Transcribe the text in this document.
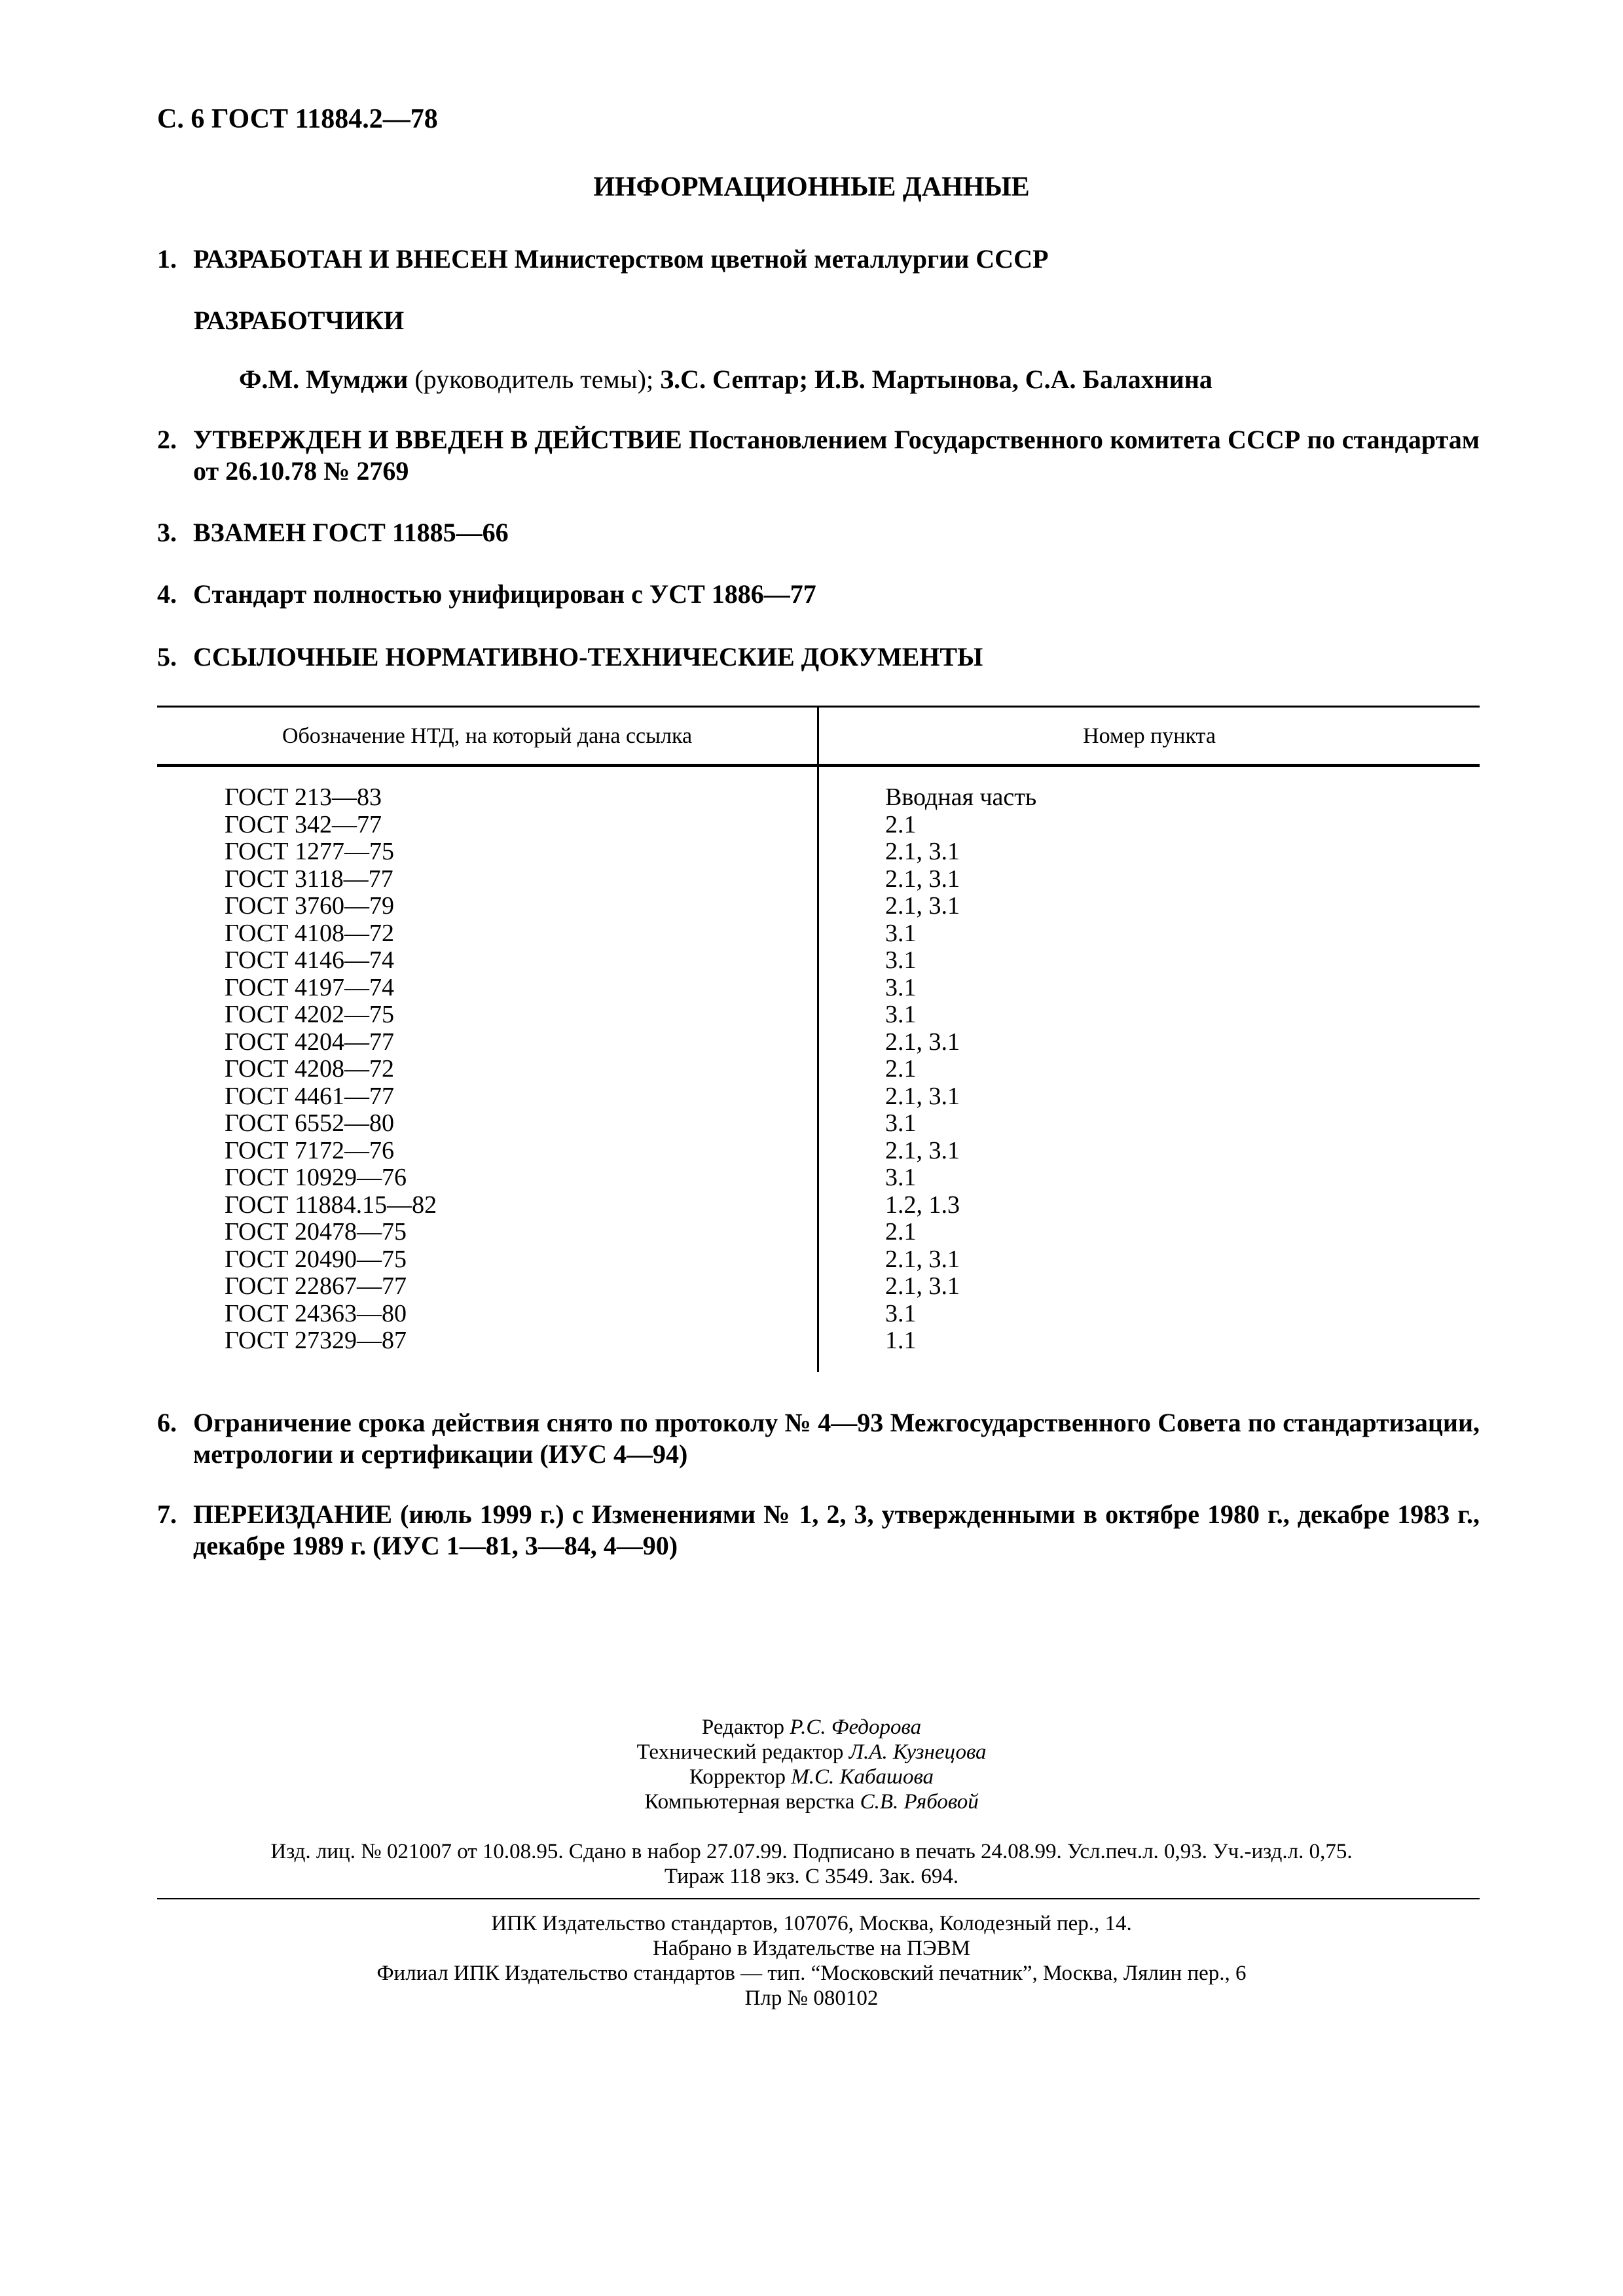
С. 6 ГОСТ 11884.2—78
ИНФОРМАЦИОННЫЕ ДАННЫЕ
1. РАЗРАБОТАН И ВНЕСЕН Министерством цветной металлургии СССР
РАЗРАБОТЧИКИ
Ф.М. Мумджи (руководитель темы); З.С. Септар; И.В. Мартынова, С.А. Балахнина
2. УТВЕРЖДЕН И ВВЕДЕН В ДЕЙСТВИЕ Постановлением Государственного комитета СССР по стандартам от 26.10.78 № 2769
3. ВЗАМЕН ГОСТ 11885—66
4. Стандарт полностью унифицирован с УСТ 1886—77
5. ССЫЛОЧНЫЕ НОРМАТИВНО-ТЕХНИЧЕСКИЕ ДОКУМЕНТЫ
Обозначение НТД, на который дана ссылка	Номер пункта
ГОСТ 213—83	Вводная часть
ГОСТ 342—77	2.1
ГОСТ 1277—75	2.1, 3.1
ГОСТ 3118—77	2.1, 3.1
ГОСТ 3760—79	2.1, 3.1
ГОСТ 4108—72	3.1
ГОСТ 4146—74	3.1
ГОСТ 4197—74	3.1
ГОСТ 4202—75	3.1
ГОСТ 4204—77	2.1, 3.1
ГОСТ 4208—72	2.1
ГОСТ 4461—77	2.1, 3.1
ГОСТ 6552—80	3.1
ГОСТ 7172—76	2.1, 3.1
ГОСТ 10929—76	3.1
ГОСТ 11884.15—82	1.2, 1.3
ГОСТ 20478—75	2.1
ГОСТ 20490—75	2.1, 3.1
ГОСТ 22867—77	2.1, 3.1
ГОСТ 24363—80	3.1
ГОСТ 27329—87	1.1
6. Ограничение срока действия снято по протоколу № 4—93 Межгосударственного Совета по стандартизации, метрологии и сертификации (ИУС 4—94)
7. ПЕРЕИЗДАНИЕ (июль 1999 г.) с Изменениями № 1, 2, 3, утвержденными в октябре 1980 г., декабре 1983 г., декабре 1989 г. (ИУС 1—81, 3—84, 4—90)
Редактор Р.С. Федорова
Технический редактор Л.А. Кузнецова
Корректор М.С. Кабашова
Компьютерная верстка С.В. Рябовой
Изд. лиц. № 021007 от 10.08.95. Сдано в набор 27.07.99. Подписано в печать 24.08.99. Усл.печ.л. 0,93. Уч.-изд.л. 0,75.
Тираж 118 экз. С 3549. Зак. 694.
ИПК Издательство стандартов, 107076, Москва, Колодезный пер., 14.
Набрано в Издательстве на ПЭВМ
Филиал ИПК Издательство стандартов — тип. “Московский печатник”, Москва, Лялин пер., 6
Плр № 080102
